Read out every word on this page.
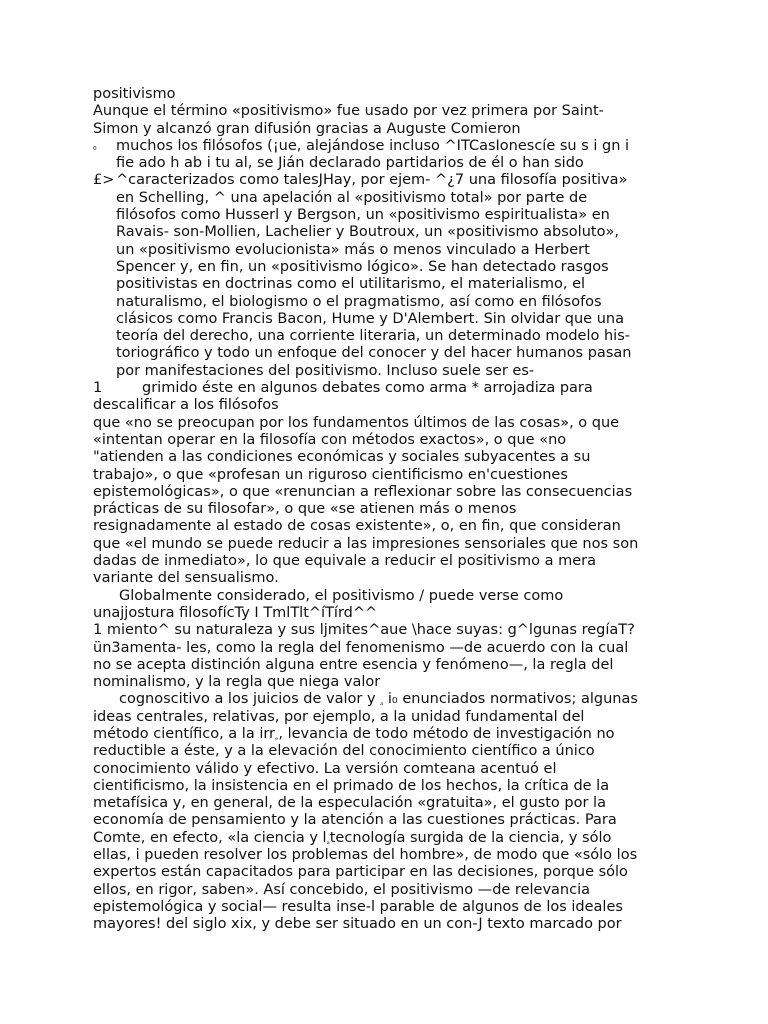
positivismo
Aunque el término «positivismo» fue usado por vez primera por Saint-
Simon y alcanzó gran difusión gracias a Auguste Comieron
₀ muchos los filósofos (¡ue, alejándose incluso ^ITCasIonescíe su s i gn i
fie ado h ab i tu al, se Jián declarado partidarios de él o han sido
£> ^caracterizados como talesJHay, por ejem- ^¿7 una filosofía positiva»
en Schelling, ^ una apelación al «positivismo total» por parte de
filósofos como Husserl y Bergson, un «positivismo espiritualista» en
Ravais- son-Mollien, Lachelier y Boutroux, un «positivismo absoluto»,
un «positivismo evolucionista» más o menos vinculado a Herbert
Spencer y, en fin, un «positivismo lógico». Se han detectado rasgos
positivistas en doctrinas como el utilitarismo, el materialismo, el
naturalismo, el biologismo o el pragmatismo, así como en filósofos
clásicos como Francis Bacon, Hume y D'Alembert. Sin olvidar que una
teoría del derecho, una corriente literaria, un determinado modelo his-
toriográfico y todo un enfoque del conocer y del hacer humanos pasan
por manifestaciones del positivismo. Incluso suele ser es-
1	grimido éste en algunos debates como arma * arrojadiza para
descalificar a los filósofos
que «no se preocupan por los fundamentos últimos de las cosas», o que
«intentan operar en la filosofía con métodos exactos», o que «no
"atienden a las condiciones económicas y sociales subyacentes a su
trabajo», o que «profesan un riguroso cientificismo en'cuestiones
epistemológicas», o que «renuncian a reflexionar sobre las consecuencias
prácticas de su filosofar», o que «se atienen más o menos
resignadamente al estado de cosas existente», o, en fin, que consideran
que «el mundo se puede reducir a las impresiones sensoriales que nos son
dadas de inmediato», lo que equivale a reducir el positivismo a mera
variante del sensualismo.
Globalmente considerado, el positivismo / puede verse como
unajjostura filosofícTy I TmlTlt^íTírd^^
1 miento^ su naturaleza y sus ljmites^aue \hace suyas: g^lgunas regíaT?
ün3amenta- les, como la regla del fenomenismo —de acuerdo con la cual
no se acepta distinción alguna entre esencia y fenómeno—, la regla del
nominalismo, y la regla que niega valor
cognoscitivo a los juicios de valor y $_{_a}$ i₀ enunciados normativos; algunas
ideas centrales, relativas, por ejemplo, a la unidad fundamental del
método científico, a la irr$_{_e}$, levancia de todo método de investigación no
reductible a éste, y a la elevación del conocimiento científico a único
conocimiento válido y efectivo. La versión comteana acentuó el
cientificismo, la insistencia en el primado de los hechos, la crítica de la
metafísica y, en general, de la especulación «gratuita», el gusto por la
economía de pensamiento y la atención a las cuestiones prácticas. Para
Comte, en efecto, «la ciencia y $l_{_a}tecnología$ surgida de la ciencia, y sólo
ellas, i pueden resolver los problemas del hombre», de modo que «sólo los
expertos están capacitados para participar en las decisiones, porque sólo
ellos, en rigor, saben». Así concebido, el positivismo —de relevancia
epistemológica y social— resulta inse-l parable de algunos de los ideales
mayores! del siglo xix, y debe ser situado en un con-J texto marcado por
